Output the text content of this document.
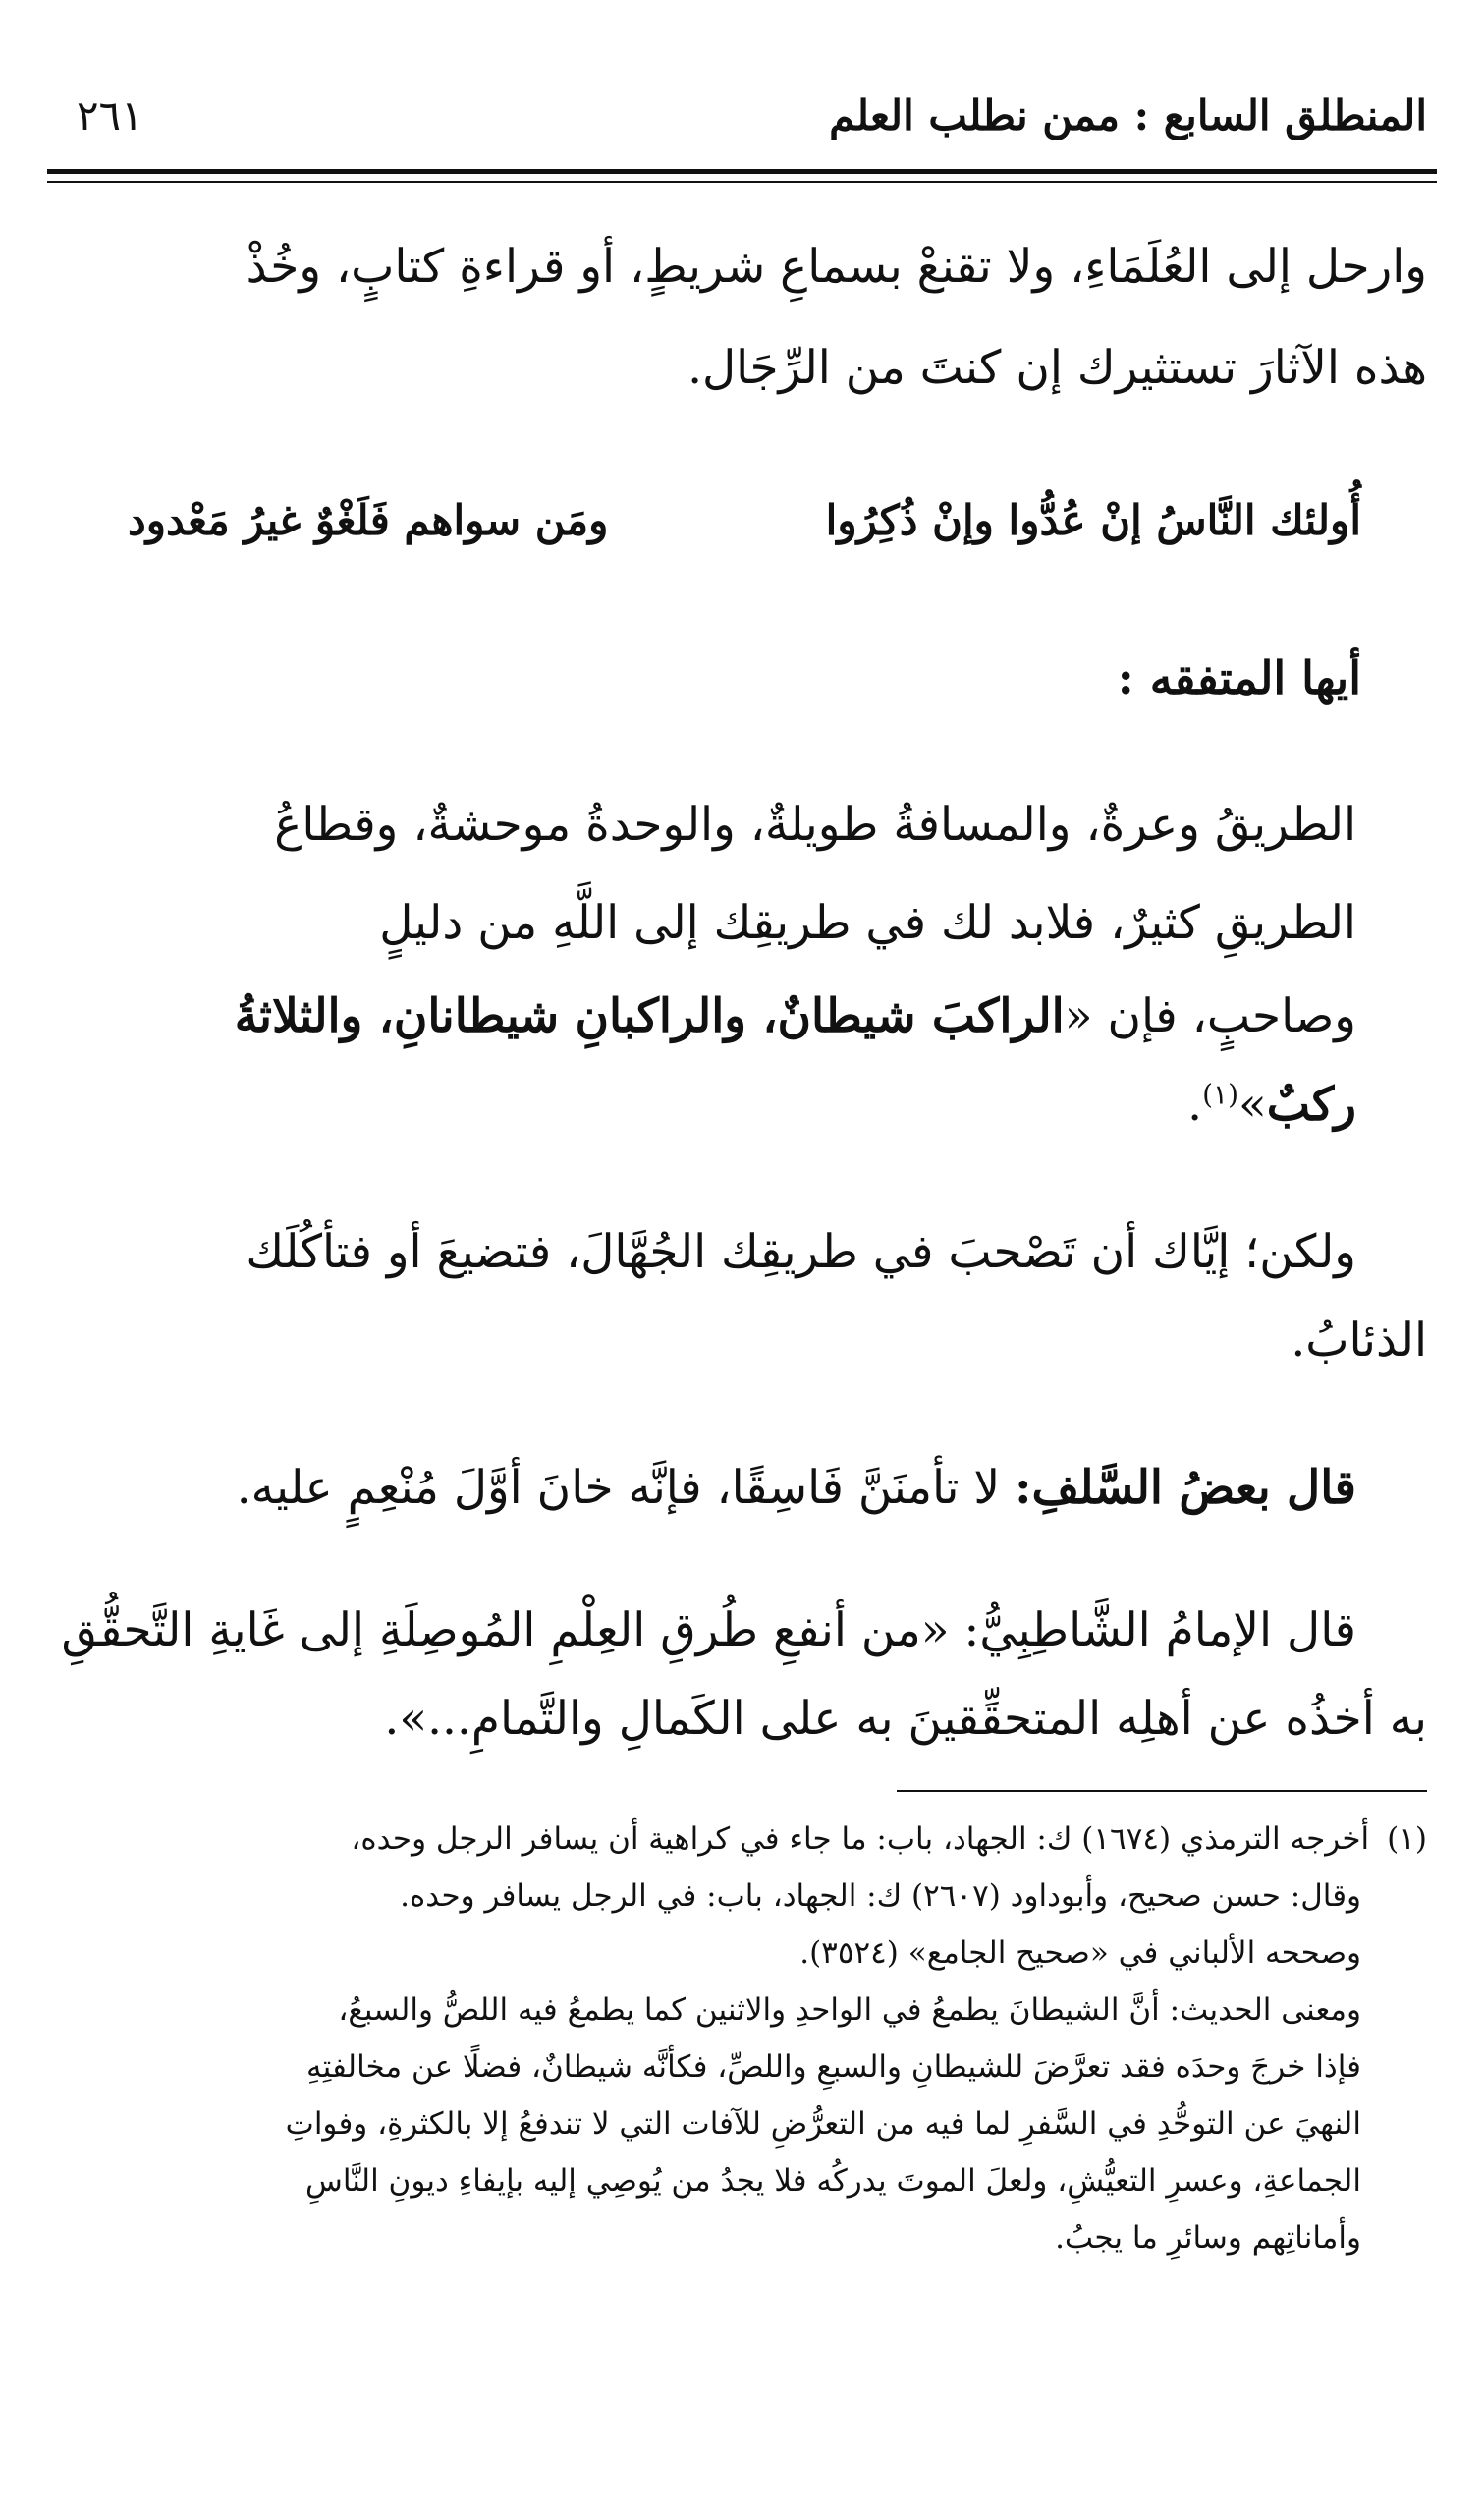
المنطلق السابع : ممن نطلب العلم
٢٦١
وارحل إلى العُلَمَاءِ، ولا تقنعْ بسماعِ شريطٍ، أو قراءةِ كتابٍ، وخُذْ
هذه الآثارَ تستثيرك إن كنتَ من الرِّجَال.
أُولئك النَّاسُ إنْ عُدُّوا وإنْ ذُكِرُوا
ومَن سواهم فَلَغْوٌ غيرُ مَعْدود
أيها المتفقه :
الطريقُ وعرةٌ، والمسافةُ طويلةٌ، والوحدةُ موحشةٌ، وقطاعُ
الطريقِ كثيرٌ، فلابد لك في طريقِك إلى اللَّهِ من دليلٍ
وصاحبٍ، فإن «الراكبَ شيطانٌ، والراكبانِ شيطانانِ، والثلاثةُ
ركبٌ»$^{(١)}$.
ولكن؛ إيَّاك أن تَصْحبَ في طريقِك الجُهَّالَ، فتضيعَ أو فتأكُلَك
الذئابُ.
قال بعضُ السَّلفِ: لا تأمنَنَّ فَاسِقًا، فإنَّه خانَ أوَّلَ مُنْعِمٍ عليه.
قال الإمامُ الشَّاطِبِيُّ: «من أنفعِ طُرقِ العِلْمِ المُوصِلَةِ إلى غَايةِ التَّحقُّقِ
به أخذُه عن أهلِه المتحقِّقينَ به على الكَمالِ والتَّمامِ...».
(١)أخرجه الترمذي (١٦٧٤) ك: الجهاد، باب: ما جاء في كراهية أن يسافر الرجل وحده،
وقال: حسن صحيح، وأبوداود (٢٦٠٧) ك: الجهاد، باب: في الرجل يسافر وحده.
وصححه الألباني في «صحيح الجامع» (٣٥٢٤).
ومعنى الحديث: أنَّ الشيطانَ يطمعُ في الواحدِ والاثنين كما يطمعُ فيه اللصُّ والسبعُ،
فإذا خرجَ وحدَه فقد تعرَّضَ للشيطانِ والسبعِ واللصِّ، فكأنَّه شيطانٌ، فضلًا عن مخالفتِهِ
النهيَ عن التوحُّدِ في السَّفرِ لما فيه من التعرُّضِ للآفات التي لا تندفعُ إلا بالكثرةِ، وفواتِ
الجماعةِ، وعسرِ التعيُّشِ، ولعلَ الموتَ يدركُه فلا يجدُ من يُوصِي إليه بإيفاءِ ديونِ النَّاسِ
وأماناتِهم وسائرِ ما يجبُ.
